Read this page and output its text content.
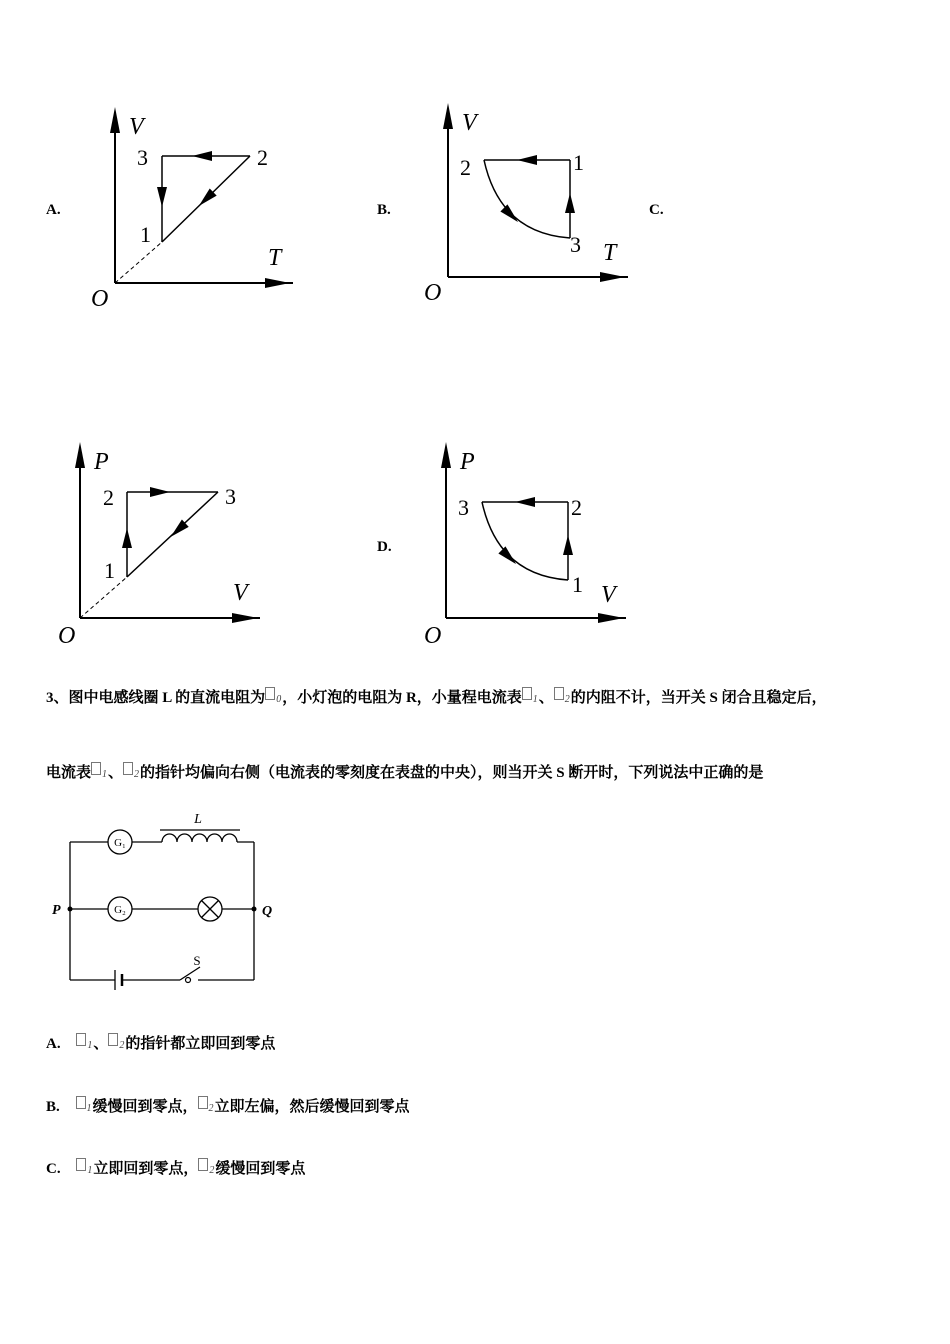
A.
V
T
O
1
2
3
B.
V
T
O
1
2
3
C.
P
V
O
1
2	3
D.
P
V
O
1
2
3
3、图中电感线圈 L 的直流电阻为 0，小灯泡的电阻为 R，小量程电流表 1、 2的内阻不计，当开关 S 闭合且稳定后，
电流表 1、 2的指针均偏向右侧（电流表的零刻度在表盘的中央），则当开关 S 断开时，下列说法中正确的是
G₁
L
G₂
P	Q
S
A.	1、 2的指针都立即回到零点
B.	1缓慢回到零点， 2立即左偏，然后缓慢回到零点
C.	1立即回到零点， 2缓慢回到零点
